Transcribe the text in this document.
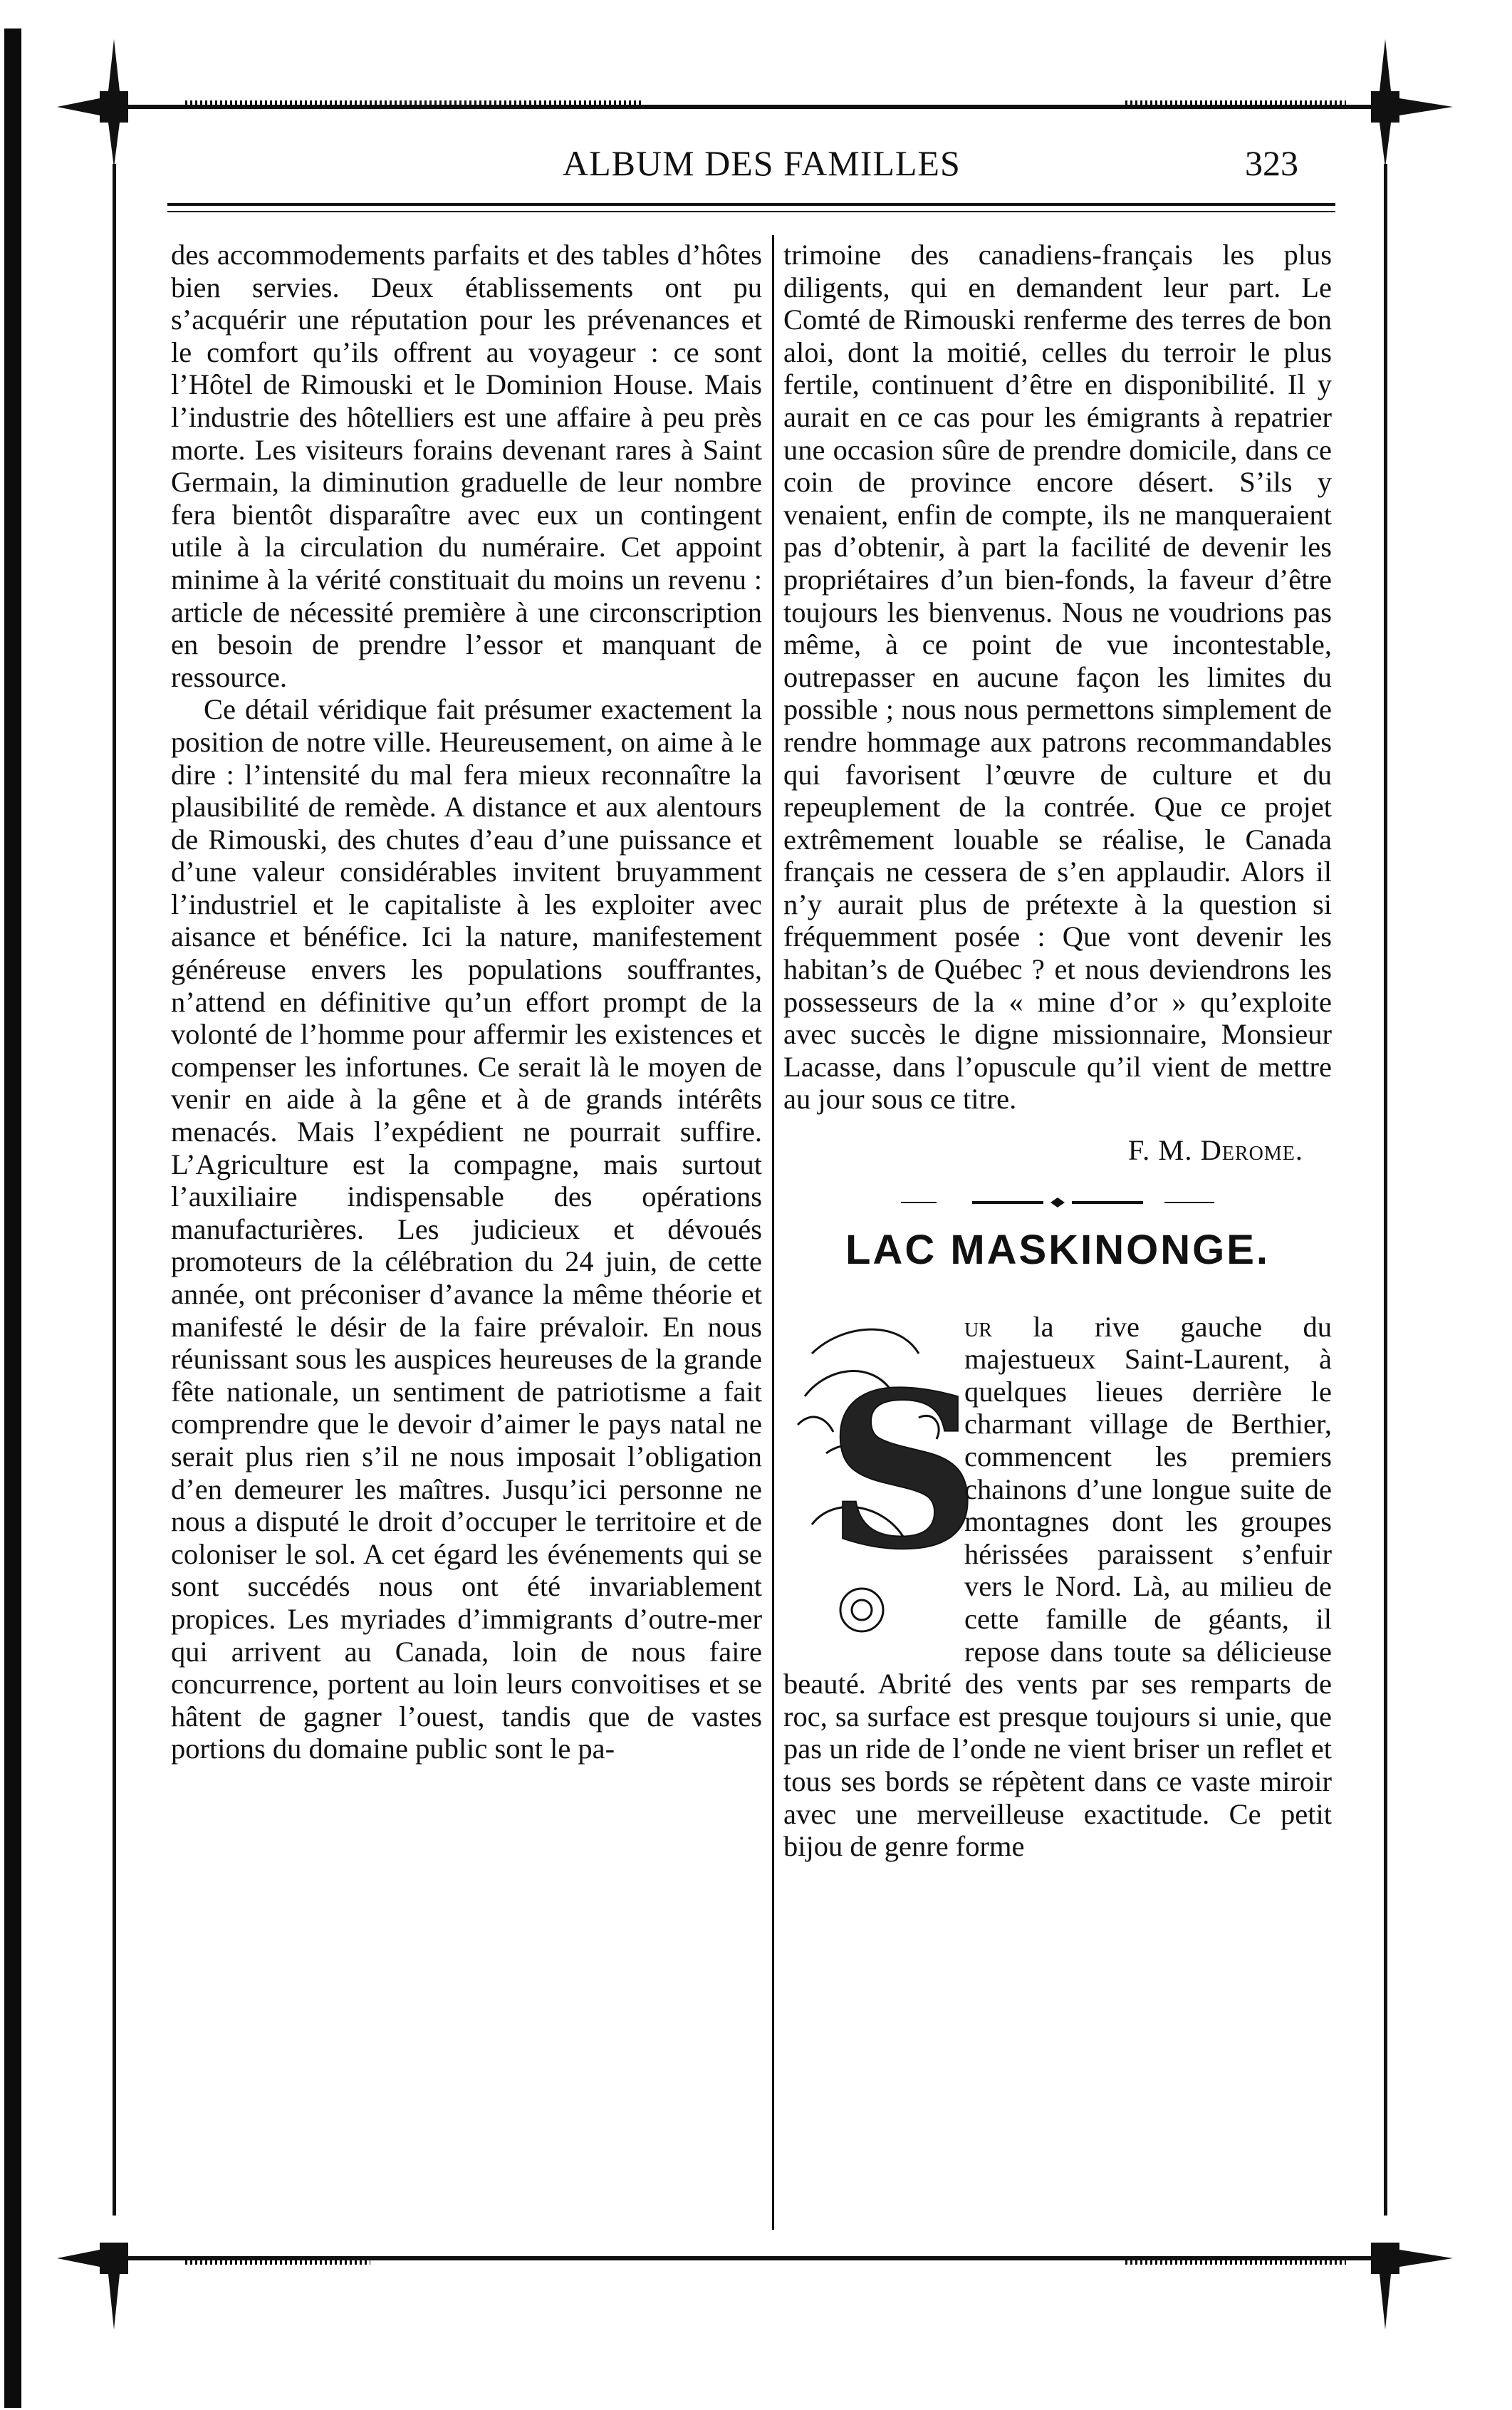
ALBUM DES FAMILLES	323

des accommodements parfaits et des tables d’hôtes bien servies. Deux établissements ont pu s’acquérir une réputation pour les prévenances et le comfort qu’ils offrent au voyageur : ce sont l’Hôtel de Rimouski et le Dominion House. Mais l’industrie des hôtelliers est une affaire à peu près morte. Les visiteurs forains devenant rares à Saint Germain, la diminution graduelle de leur nombre fera bientôt disparaître avec eux un contingent utile à la circulation du numéraire. Cet appoint minime à la vérité constituait du moins un revenu : article de nécessité première à une circonscription en besoin de prendre l’essor et manquant de ressource.

Ce détail véridique fait présumer exactement la position de notre ville. Heureusement, on aime à le dire : l’intensité du mal fera mieux reconnaître la plausibilité de remède. A distance et aux alentours de Rimouski, des chutes d’eau d’une puissance et d’une valeur considérables invitent bruyamment l’industriel et le capitaliste à les exploiter avec aisance et bénéfice. Ici la nature, manifestement généreuse envers les populations souffrantes, n’attend en définitive qu’un effort prompt de la volonté de l’homme pour affermir les existences et compenser les infortunes. Ce serait là le moyen de venir en aide à la gêne et à de grands intérêts menacés. Mais l’expédient ne pourrait suffire. L’Agriculture est la compagne, mais surtout l’auxiliaire indispensable des opérations manufacturières. Les judicieux et dévoués promoteurs de la célébration du 24 juin, de cette année, ont préconiser d’avance la même théorie et manifesté le désir de la faire prévaloir. En nous réunissant sous les auspices heureuses de la grande fête nationale, un sentiment de patriotisme a fait comprendre que le devoir d’aimer le pays natal ne serait plus rien s’il ne nous imposait l’obligation d’en demeurer les maîtres. Jusqu’ici personne ne nous a disputé le droit d’occuper le territoire et de coloniser le sol. A cet égard les événements qui se sont succédés nous ont été invariablement propices. Les myriades d’immigrants d’outre-mer qui arrivent au Canada, loin de nous faire concurrence, portent au loin leurs convoitises et se hâtent de gagner l’ouest, tandis que de vastes portions du domaine public sont le pa-

trimoine des canadiens-français les plus diligents, qui en demandent leur part. Le Comté de Rimouski renferme des terres de bon aloi, dont la moitié, celles du terroir le plus fertile, continuent d’être en disponibilité. Il y aurait en ce cas pour les émigrants à repatrier une occasion sûre de prendre domicile, dans ce coin de province encore désert. S’ils y venaient, enfin de compte, ils ne manqueraient pas d’obtenir, à part la facilité de devenir les propriétaires d’un bien-fonds, la faveur d’être toujours les bienvenus. Nous ne voudrions pas même, à ce point de vue incontestable, outrepasser en aucune façon les limites du possible ; nous nous permettons simplement de rendre hommage aux patrons recommandables qui favorisent l’œuvre de culture et du repeuplement de la contrée. Que ce projet extrêmement louable se réalise, le Canada français ne cessera de s’en applaudir. Alors il n’y aurait plus de prétexte à la question si fréquemment posée : Que vont devenir les habitan’s de Québec ? et nous deviendrons les possesseurs de la « mine d’or » qu’exploite avec succès le digne missionnaire, Monsieur Lacasse, dans l’opuscule qu’il vient de mettre au jour sous ce titre.

F. M. Derome.
LAC MASKINONGE.

S
ur la rive gauche du majestueux Saint-Laurent, à quelques lieues derrière le charmant village de Berthier, commencent les premiers chainons d’une longue suite de montagnes dont les groupes hérissées paraissent s’enfuir vers le Nord. Là, au milieu de cette famille de géants, il repose dans toute sa délicieuse beauté. Abrité des vents par ses remparts de roc, sa surface est presque toujours si unie, que pas un ride de l’onde ne vient briser un reflet et tous ses bords se répètent dans ce vaste miroir avec une merveilleuse exactitude. Ce petit bijou de genre forme
